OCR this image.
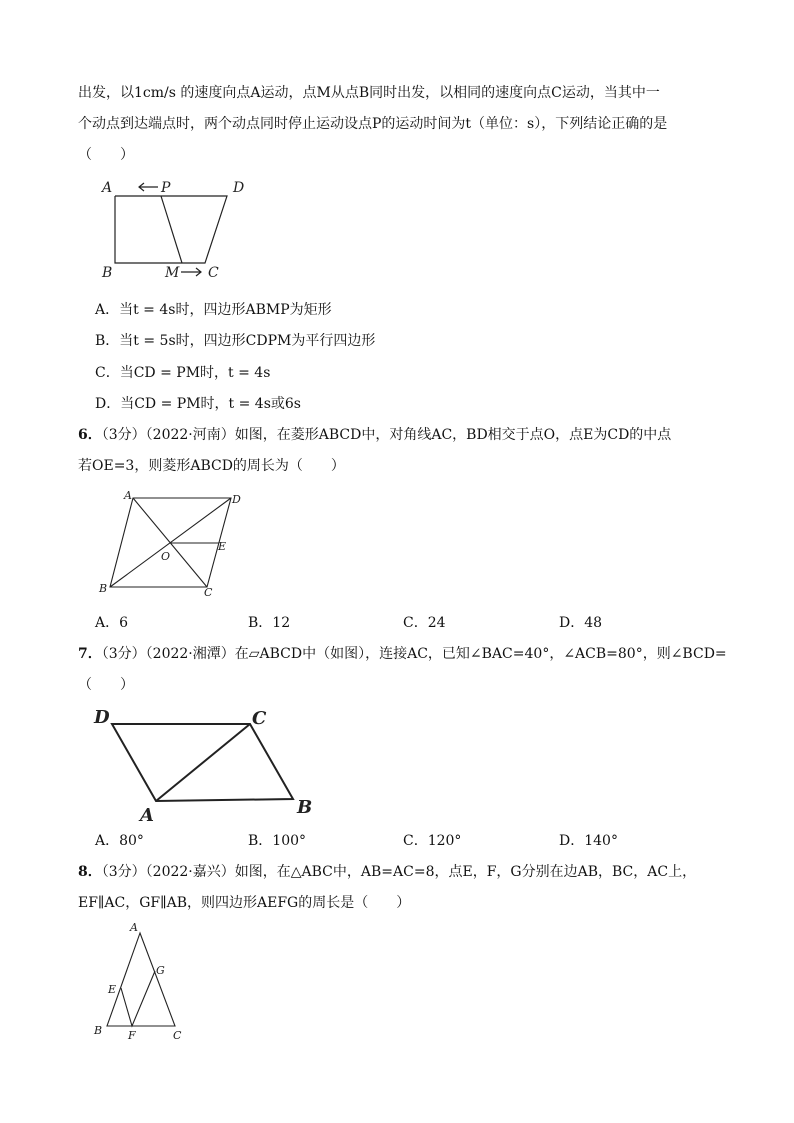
出发，以1cm/s 的速度向点A运动，点M从点B同时出发，以相同的速度向点C运动，当其中一
个动点到达端点时，两个动点同时停止运动设点P的运动时间为t（单位：s），下列结论正确的是
（　　）
A	P	D
B	M C
A．当t = 4s时，四边形ABMP为矩形
B．当t = 5s时，四边形CDPM为平行四边形
C．当CD = PM时，t = 4s
D．当CD = PM时，t = 4s或6s
6．（3分）（2022·河南）如图，在菱形ABCD中，对角线AC，BD相交于点O，点E为CD的中点
若OE=3，则菱形ABCD的周长为（　　）
A	D
O
E
B	C
A．6	B．12	C．24	D．48
7．（3分）（2022·湘潭）在▱ABCD中（如图），连接AC，已知∠BAC=40°，∠ACB=80°，则∠BCD=
（　　）
D	C
A	B
A．80°	B．100°	C．120°	D．140°
8．（3分）（2022·嘉兴）如图，在△ABC中，AB=AC=8，点E，F，G分别在边AB，BC，AC上，
EF∥AC，GF∥AB，则四边形AEFG的周长是（　　）
A
G
E
B F	C
